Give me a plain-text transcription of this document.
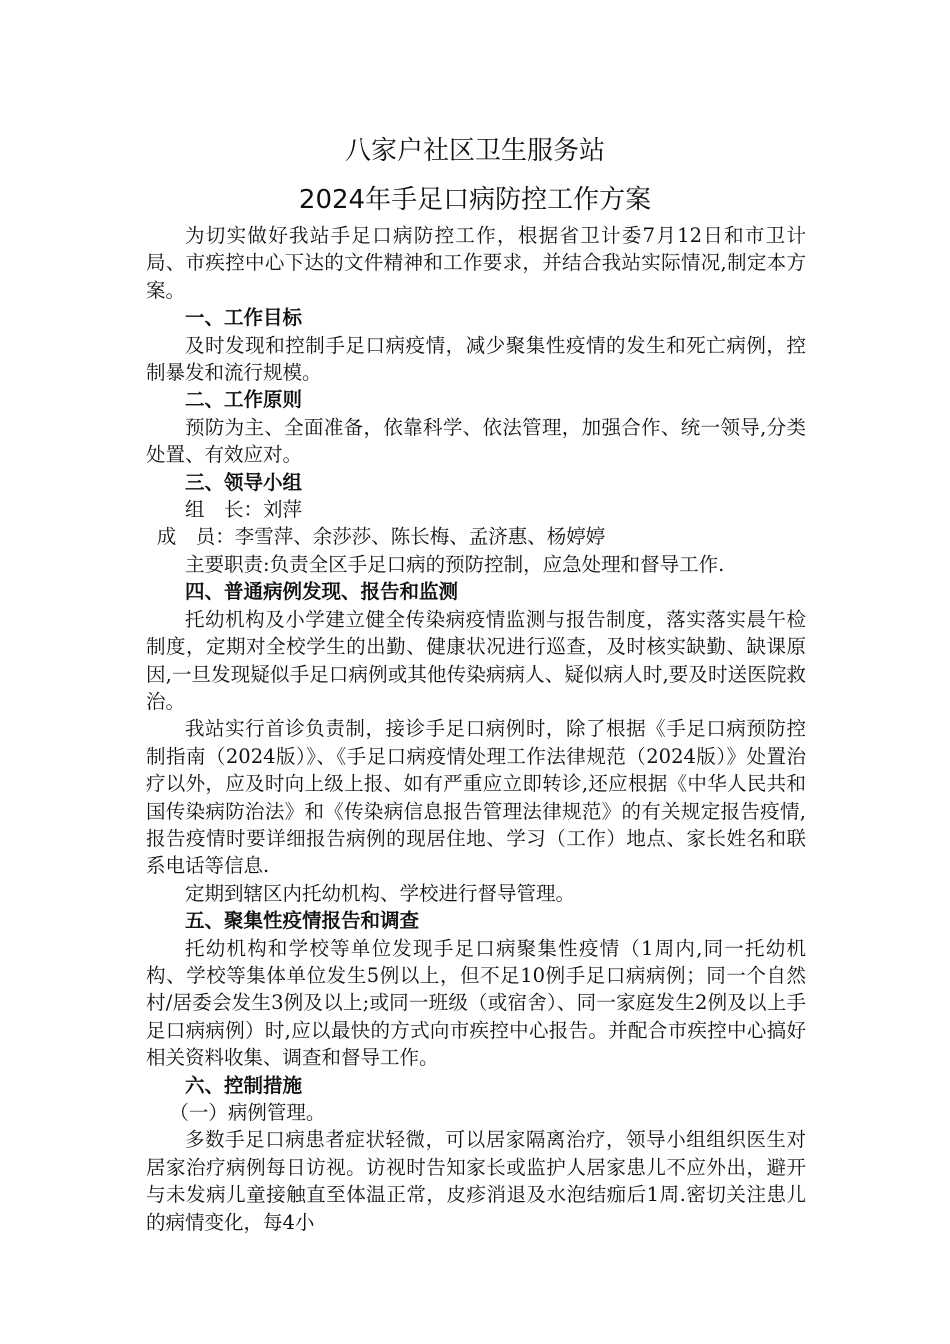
八家户社区卫生服务站
2024年手足口病防控工作方案

为切实做好我站手足口病防控工作，根据省卫计委7月12日和市卫计局、市疾控中心下达的文件精神和工作要求，并结合我站实际情况,制定本方案。

一、工作目标

及时发现和控制手足口病疫情，减少聚集性疫情的发生和死亡病例，控制暴发和流行规模。

二、工作原则

预防为主、全面准备，依靠科学、依法管理，加强合作、统一领导,分类处置、有效应对。

三、领导小组

组　长：刘萍

成　员：李雪萍、余莎莎、陈长梅、孟济惠、杨婷婷

主要职责:负责全区手足口病的预防控制，应急处理和督导工作.

四、普通病例发现、报告和监测

托幼机构及小学建立健全传染病疫情监测与报告制度，落实落实晨午检制度，定期对全校学生的出勤、健康状况进行巡查，及时核实缺勤、缺课原因,一旦发现疑似手足口病例或其他传染病病人、疑似病人时,要及时送医院救治。

我站实行首诊负责制，接诊手足口病例时，除了根据《手足口病预防控制指南（2024版）》、《手足口病疫情处理工作法律规范（2024版）》处置治疗以外，应及时向上级上报、如有严重应立即转诊,还应根据《中华人民共和国传染病防治法》和《传染病信息报告管理法律规范》的有关规定报告疫情,报告疫情时要详细报告病例的现居住地、学习（工作）地点、家长姓名和联系电话等信息.

定期到辖区内托幼机构、学校进行督导管理。

五、聚集性疫情报告和调查

托幼机构和学校等单位发现手足口病聚集性疫情（1周内,同一托幼机构、学校等集体单位发生5例以上，但不足10例手足口病病例；同一个自然村/居委会发生3例及以上;或同一班级（或宿舍）、同一家庭发生2例及以上手足口病病例）时,应以最快的方式向市疾控中心报告。并配合市疾控中心搞好相关资料收集、调查和督导工作。

六、控制措施

（一）病例管理。

多数手足口病患者症状轻微，可以居家隔离治疗，领导小组组织医生对居家治疗病例每日访视。访视时告知家长或监护人居家患儿不应外出，避开与未发病儿童接触直至体温正常，皮疹消退及水泡结痂后1周.密切关注患儿的病情变化，每4小
